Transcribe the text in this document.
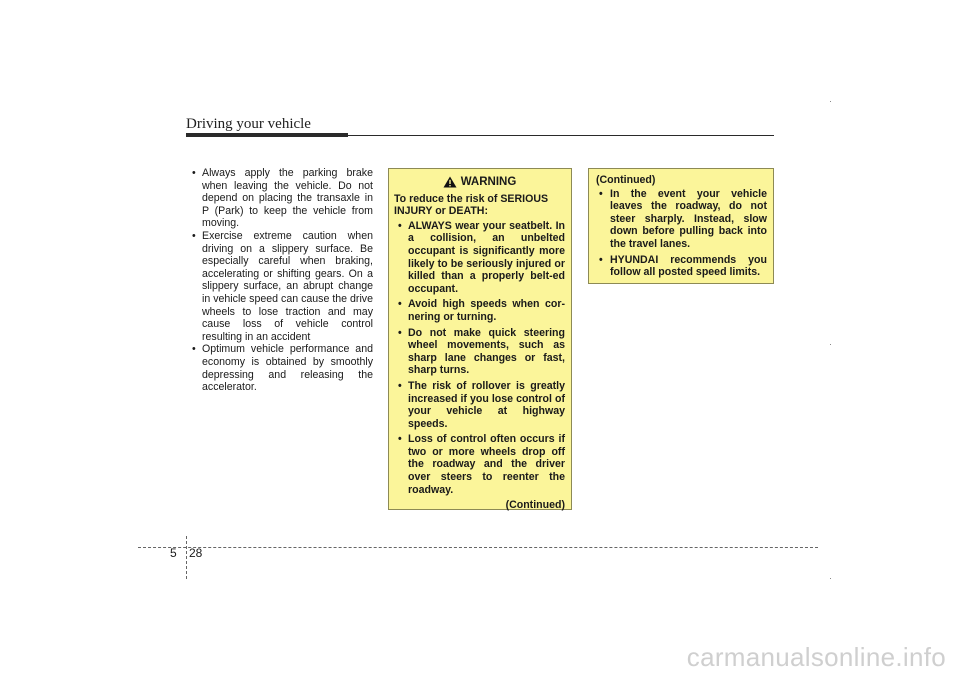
Driving your vehicle
• Always apply the parking brake when leaving the vehicle. Do not depend on placing the transaxle in P (Park) to keep the vehicle from moving.
• Exercise extreme caution when driving on a slippery surface. Be especially careful when braking, accelerating or shifting gears. On a slippery surface, an abrupt change in vehicle speed can cause the drive wheels to lose traction and may cause loss of vehicle control resulting in an accident
• Optimum vehicle performance and economy is obtained by smoothly depressing and releasing the accelerator.
WARNING
To reduce the risk of SERIOUS INJURY or DEATH:
• ALWAYS wear your seatbelt. In a collision, an unbelted occupant is significantly more likely to be seriously injured or killed than a properly belt-ed occupant.
• Avoid high speeds when cor-nering or turning.
• Do not make quick steering wheel movements, such as sharp lane changes or fast, sharp turns.
• The risk of rollover is greatly increased if you lose control of your vehicle at highway speeds.
• Loss of control often occurs if two or more wheels drop off the roadway and the driver over steers to reenter the roadway.
(Continued)
(Continued)
• In the event your vehicle leaves the roadway, do not steer sharply. Instead, slow down before pulling back into the travel lanes.
• HYUNDAI recommends you follow all posted speed limits.
5 28
carmanualsonline.info
